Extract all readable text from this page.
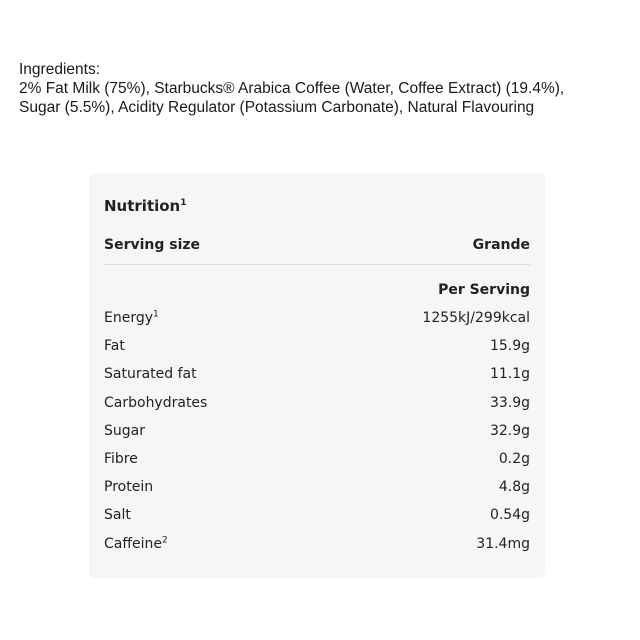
Ingredients:
2% Fat Milk (75%), Starbucks® Arabica Coffee (Water, Coffee Extract) (19.4%),
Sugar (5.5%), Acidity Regulator (Potassium Carbonate), Natural Flavouring
Nutrition$^1$
Serving size	Grande
Per Serving
Energy$^1$	1255kJ/299kcal
Fat	15.9g
Saturated fat	11.1g
Carbohydrates	33.9g
Sugar	32.9g
Fibre	0.2g
Protein	4.8g
Salt	0.54g
Caffeine$^2$	31.4mg
